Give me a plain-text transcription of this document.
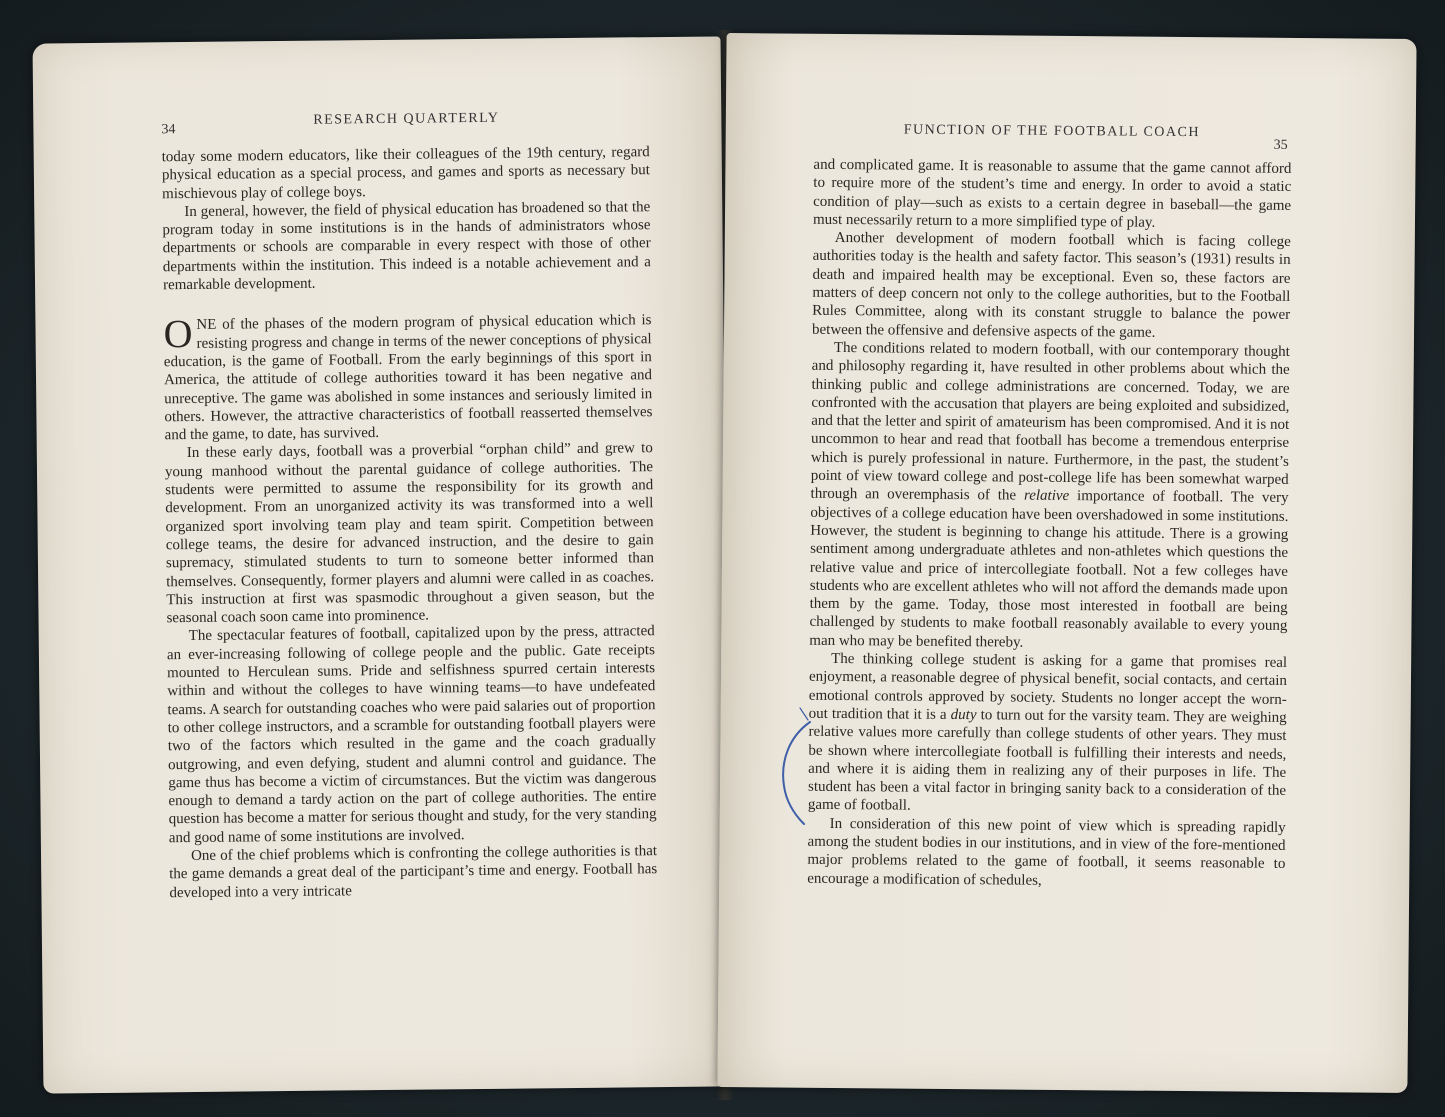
34
RESEARCH QUARTERLY

today some modern educators, like their colleagues of the 19th century, regard physical education as a special process, and games and sports as necessary but mischievous play of college boys.

In general, however, the field of physical education has broadened so that the program today in some institutions is in the hands of administrators whose departments or schools are comparable in every respect with those of other departments within the institution. This indeed is a notable achievement and a remarkable development.

ONE of the phases of the modern program of physical education which is resisting progress and change in terms of the newer conceptions of physical education, is the game of Football. From the early beginnings of this sport in America, the attitude of college authorities toward it has been negative and unreceptive. The game was abolished in some instances and seriously limited in others. However, the attractive characteristics of football reasserted themselves and the game, to date, has survived.

In these early days, football was a proverbial “orphan child” and grew to young manhood without the parental guidance of college authorities. The students were permitted to assume the responsibility for its growth and development. From an unorganized activity its was transformed into a well organized sport involving team play and team spirit. Competition between college teams, the desire for advanced instruction, and the desire to gain supremacy, stimulated students to turn to someone better informed than themselves. Consequently, former players and alumni were called in as coaches. This instruction at first was spasmodic throughout a given season, but the seasonal coach soon came into prominence.

The spectacular features of football, capitalized upon by the press, attracted an ever-increasing following of college people and the public. Gate receipts mounted to Herculean sums. Pride and selfishness spurred certain interests within and without the colleges to have winning teams—to have undefeated teams. A search for outstanding coaches who were paid salaries out of proportion to other college instructors, and a scramble for outstanding football players were two of the factors which resulted in the game and the coach gradually outgrowing, and even defying, student and alumni control and guidance. The game thus has become a victim of circumstances. But the victim was dangerous enough to demand a tardy action on the part of college authorities. The entire question has become a matter for serious thought and study, for the very standing and good name of some institutions are involved.

One of the chief problems which is confronting the college authorities is that the game demands a great deal of the participant’s time and energy. Football has developed into a very intricate

FUNCTION OF THE FOOTBALL COACH
35

and complicated game. It is reasonable to assume that the game cannot afford to require more of the student’s time and energy. In order to avoid a static condition of play—such as exists to a certain degree in baseball—the game must necessarily return to a more simplified type of play.

Another development of modern football which is facing college authorities today is the health and safety factor. This season’s (1931) results in death and impaired health may be exceptional. Even so, these factors are matters of deep concern not only to the college authorities, but to the Football Rules Committee, along with its constant struggle to balance the power between the offensive and defensive aspects of the game.

The conditions related to modern football, with our contemporary thought and philosophy regarding it, have resulted in other problems about which the thinking public and college administrations are concerned. Today, we are confronted with the accusation that players are being exploited and subsidized, and that the letter and spirit of amateurism has been compromised. And it is not uncommon to hear and read that football has become a tremendous enterprise which is purely professional in nature. Furthermore, in the past, the student’s point of view toward college and post-college life has been somewhat warped through an overemphasis of the relative importance of football. The very objectives of a college education have been overshadowed in some institutions. However, the student is beginning to change his attitude. There is a growing sentiment among undergraduate athletes and non-athletes which questions the relative value and price of intercollegiate football. Not a few colleges have students who are excellent athletes who will not afford the demands made upon them by the game. Today, those most interested in football are being challenged by students to make football reasonably available to every young man who may be benefited thereby.

The thinking college student is asking for a game that promises real enjoyment, a reasonable degree of physical benefit, social contacts, and certain emotional controls approved by society. Students no longer accept the worn-out tradition that it is a duty to turn out for the varsity team. They are weighing relative values more carefully than college students of other years. They must be shown where intercollegiate football is fulfilling their interests and needs, and where it is aiding them in realizing any of their purposes in life. The student has been a vital factor in bringing sanity back to a consideration of the game of football.

In consideration of this new point of view which is spreading rapidly among the student bodies in our institutions, and in view of the fore-mentioned major problems related to the game of football, it seems reasonable to encourage a modification of schedules,
